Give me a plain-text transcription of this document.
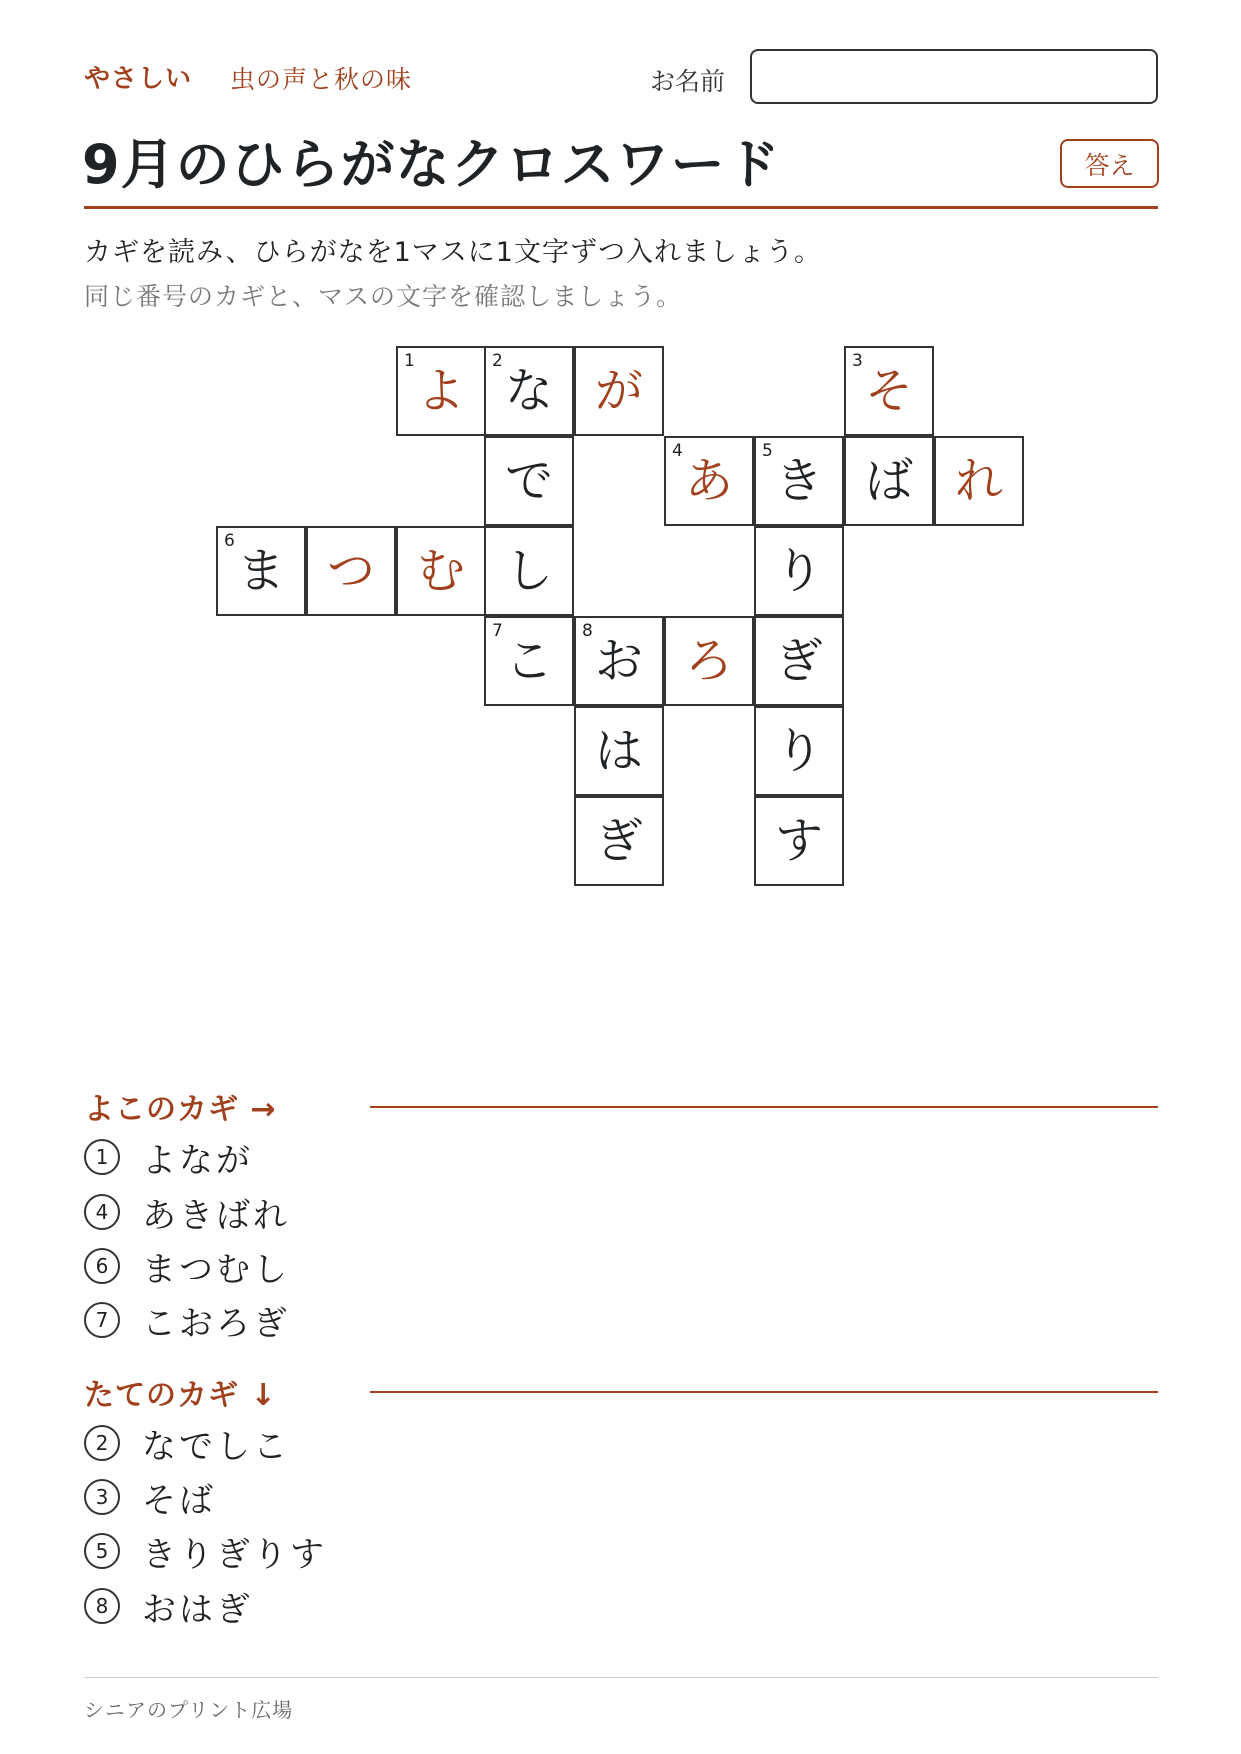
やさしい 虫の声と秋の味	お名前
9月のひらがなクロスワード	答え
カギを読み、ひらがなを1マスに1文字ずつ入れましょう。
同じ番号のカギと、マスの文字を確認しましょう。
1
よ
2
な が
3
そ
で
4
あ
5
き ば れ
6
ま つ む し	り
7
こ
8
お ろ ぎ
は	り
ぎ	す
よこのカギ →
1 よなが
4 あきばれ
6 まつむし
7 こおろぎ
たてのカギ ↓
2 なでしこ
3 そば
5 きりぎりす
8 おはぎ
シニアのプリント広場
